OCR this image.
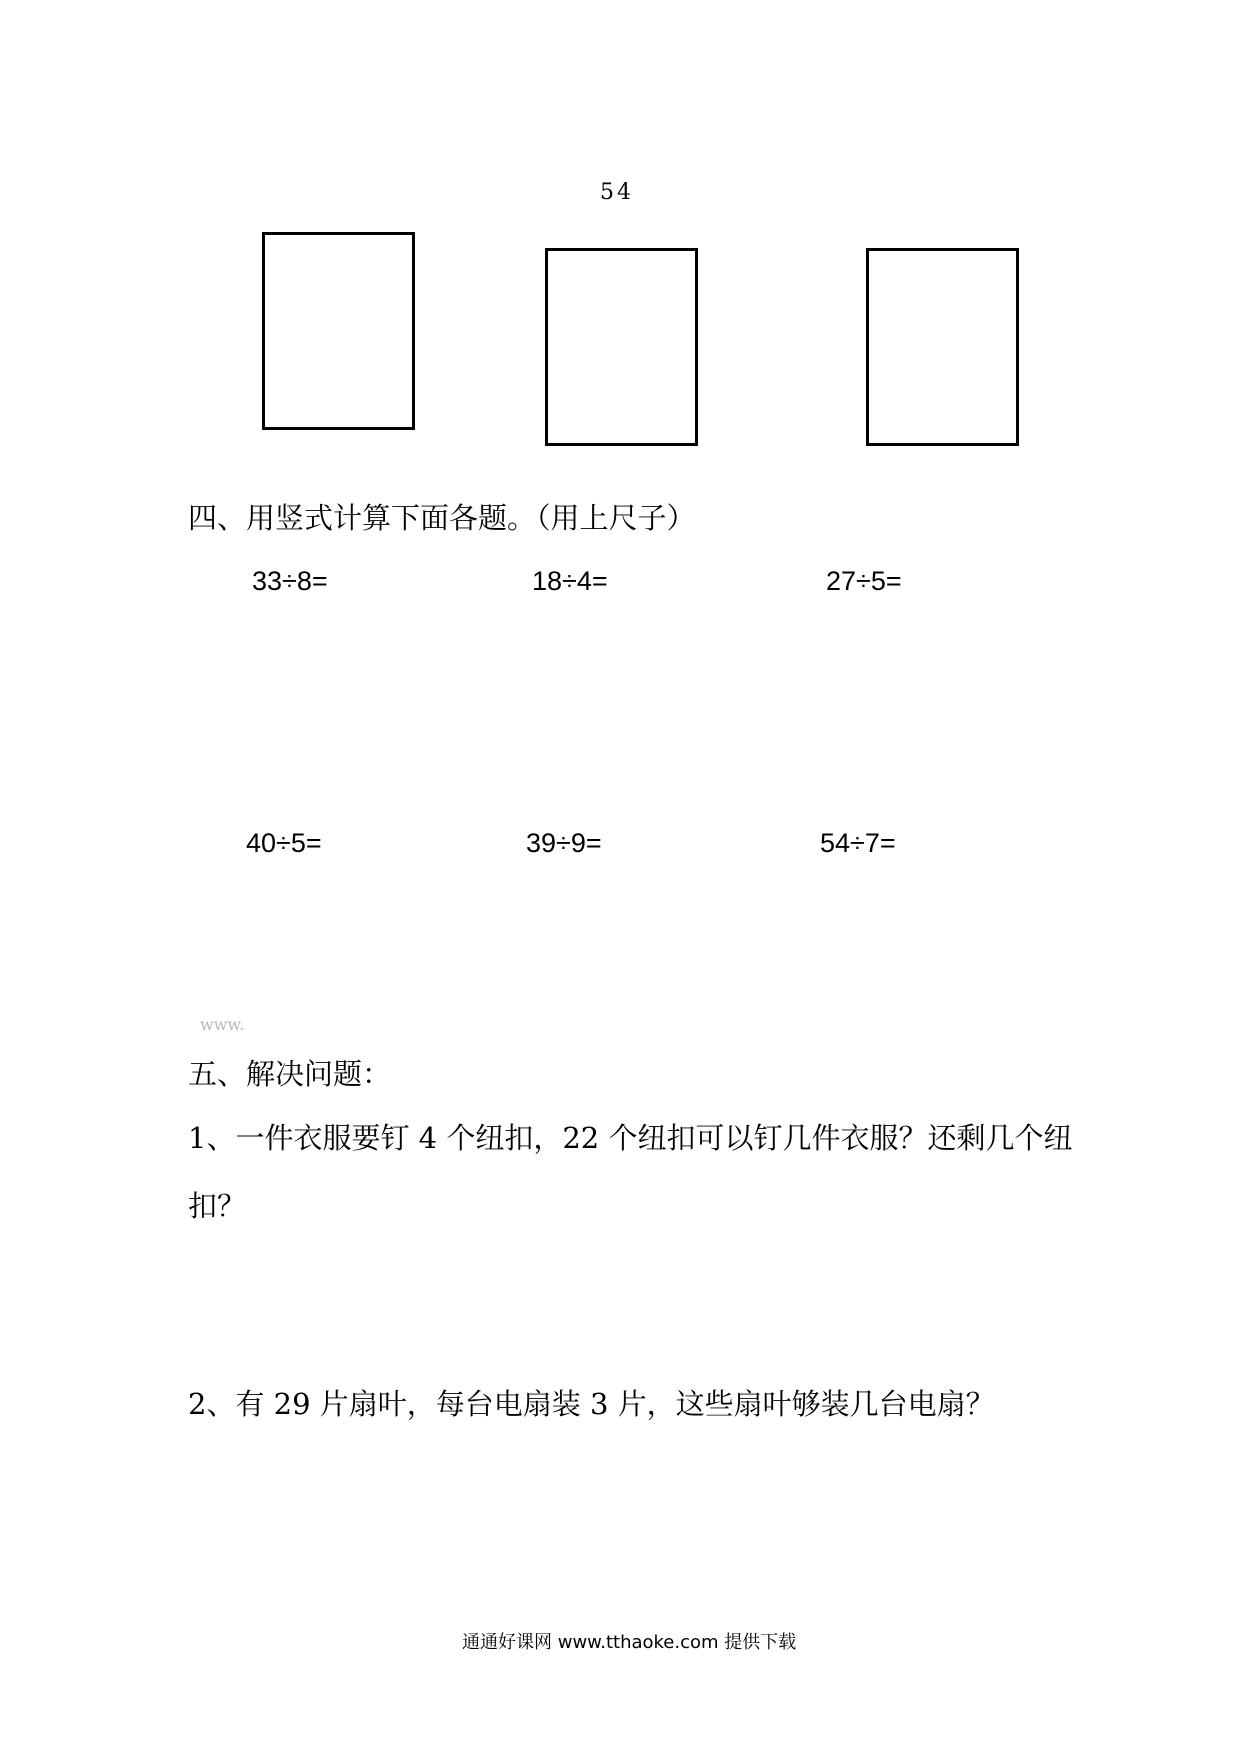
54
四、用竖式计算下面各题。（用上尺子）
33÷8=	18÷4=	27÷5=
40÷5=	39÷9=	54÷7=
www.
五、解决问题：
1、一件衣服要钉 4 个纽扣，22 个纽扣可以钉几件衣服？还剩几个纽
扣？
2、有 29 片扇叶，每台电扇装 3 片，这些扇叶够装几台电扇？
通通好课网 www.tthaoke.com 提供下载
